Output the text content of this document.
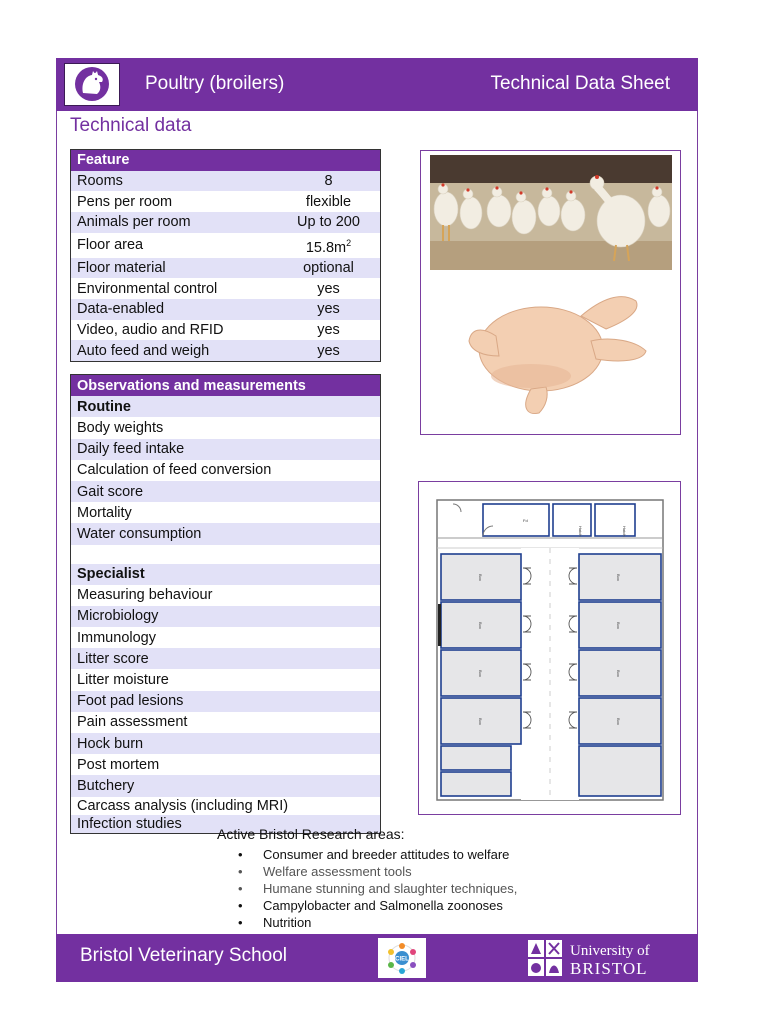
Poultry (broilers)	Technical Data Sheet
Technical data
Feature	
Rooms	8
Pens per room	flexible
Animals per room	Up to 200
Floor area	$15.8m^2$
Floor material	optional
Environmental control	yes
Data-enabled	yes
Video, audio and RFID	yes
Auto feed and weigh	yes
Observations and measurements
Routine
Body weights
Daily feed intake
Calculation of feed conversion
Gait score
Mortality
Water consumption

Specialist
Measuring behaviour
Microbiology
Immunology
Litter score
Litter moisture
Foot pad lesions
Pain assessment
Hock burn
Post mortem
Butchery
Carcass analysis (including MRI)
Infection studies
Fd
Hatch	Hatch
Box
Box
Box
Box
Box
Box
Box
Box
Active Bristol Research areas:
• Consumer and breeder attitudes to welfare
• Welfare assessment tools
• Humane stunning and slaughter techniques,
• Campylobacter and Salmonella zoonoses
• Nutrition
Bristol Veterinary School	CIEL
University of
BRISTOL
